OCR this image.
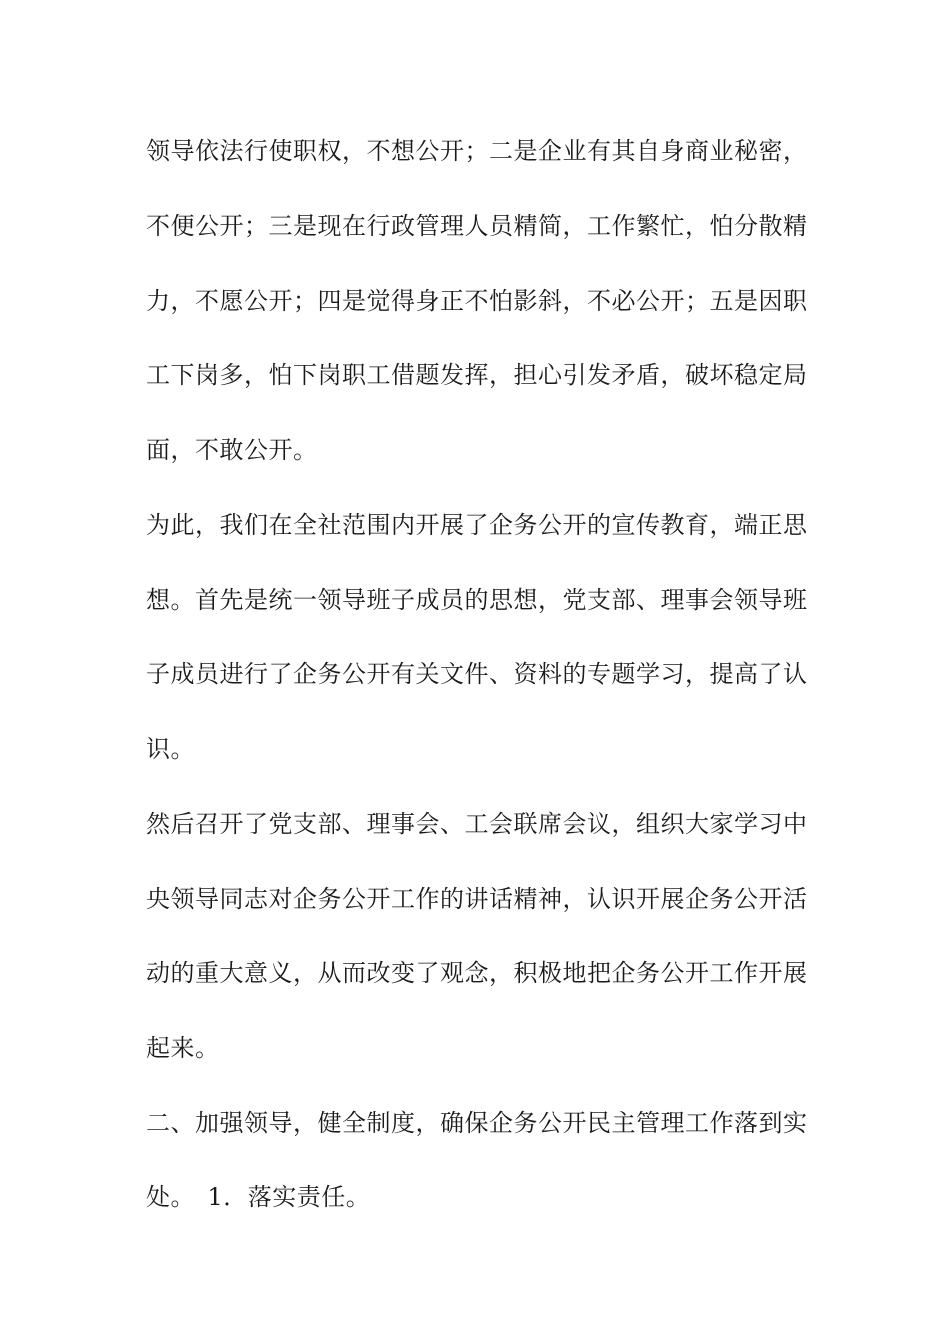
领导依法行使职权，不想公开；二是企业有其自身商业秘密，
不便公开；三是现在行政管理人员精简，工作繁忙，怕分散精
力，不愿公开；四是觉得身正不怕影斜，不必公开；五是因职
工下岗多，怕下岗职工借题发挥，担心引发矛盾，破坏稳定局
面，不敢公开。
为此，我们在全社范围内开展了企务公开的宣传教育，端正思
想。首先是统一领导班子成员的思想，党支部、理事会领导班
子成员进行了企务公开有关文件、资料的专题学习，提高了认
识。
然后召开了党支部、理事会、工会联席会议，组织大家学习中
央领导同志对企务公开工作的讲话精神，认识开展企务公开活
动的重大意义，从而改变了观念，积极地把企务公开工作开展
起来。
二、加强领导，健全制度，确保企务公开民主管理工作落到实
处。　1．落实责任。
